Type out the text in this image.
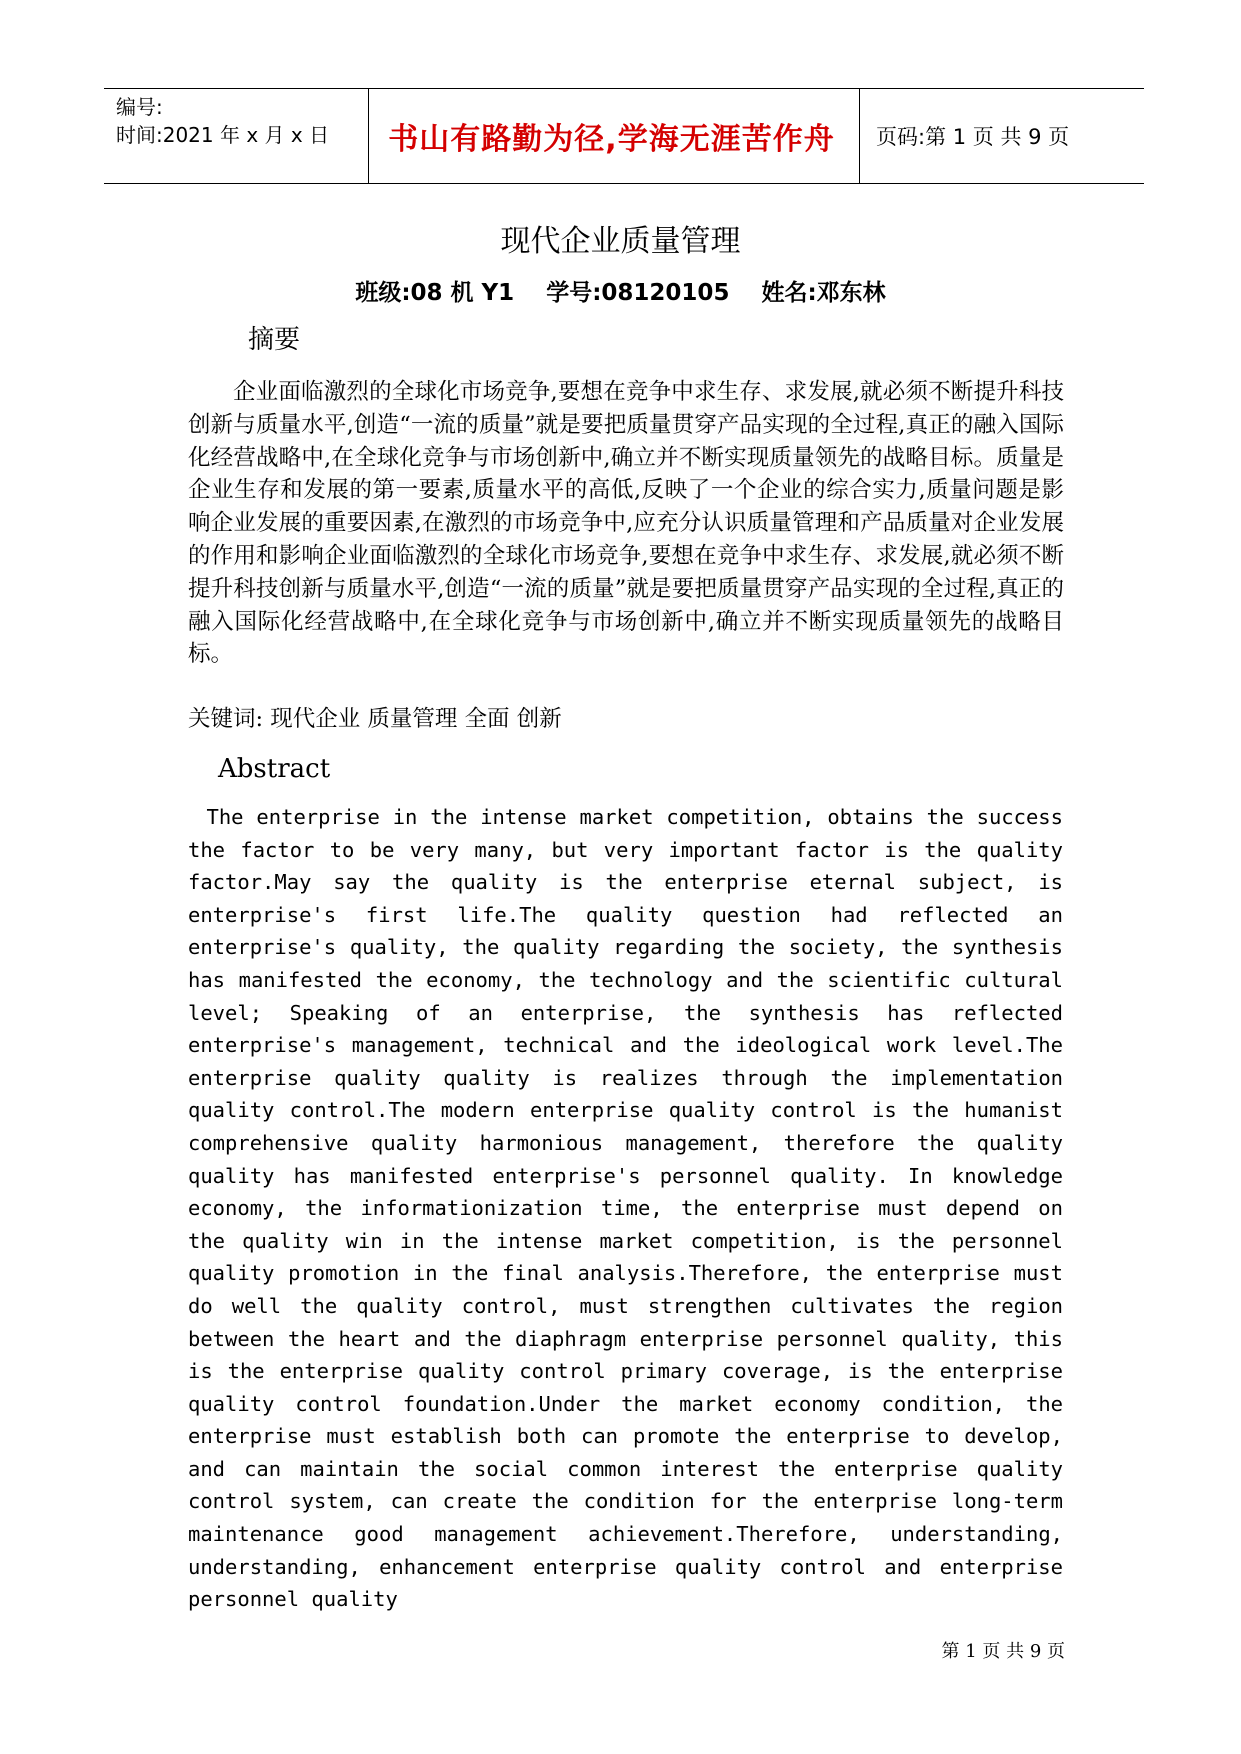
编号:
时间:2021 年 x 月 x 日	书山有路勤为径,学海无涯苦作舟	页码:第 1 页 共 9 页
现代企业质量管理
班级:08 机 Y1 学号:08120105 姓名:邓东林
摘要

企业面临激烈的全球化市场竞争,要想在竞争中求生存、求发展,就必须不断提升科技创新与质量水平,创造“一流的质量”就是要把质量贯穿产品实现的全过程,真正的融入国际化经营战略中,在全球化竞争与市场创新中,确立并不断实现质量领先的战略目标。质量是企业生存和发展的第一要素,质量水平的高低,反映了一个企业的综合实力,质量问题是影响企业发展的重要因素,在激烈的市场竞争中,应充分认识质量管理和产品质量对企业发展的作用和影响企业面临激烈的全球化市场竞争,要想在竞争中求生存、求发展,就必须不断提升科技创新与质量水平,创造“一流的质量”就是要把质量贯穿产品实现的全过程,真正的融入国际化经营战略中,在全球化竞争与市场创新中,确立并不断实现质量领先的战略目标。

关键词: 现代企业 质量管理 全面 创新
Abstract

The enterprise in the intense market competition, obtains the success the factor to be very many, but very important factor is the quality factor.May say the quality is the enterprise eternal subject, is enterprise's first life.The quality question had reflected an enterprise's quality, the quality regarding the society, the synthesis has manifested the economy, the technology and the scientific cultural level; Speaking of an enterprise, the synthesis has reflected enterprise's management, technical and the ideological work level.The enterprise quality quality is realizes through the implementation quality control.The modern enterprise quality control is the humanist comprehensive quality harmonious management, therefore the quality quality has manifested enterprise's personnel quality. In knowledge economy, the informationization time, the enterprise must depend on the quality win in the intense market competition, is the personnel quality promotion in the final analysis.Therefore, the enterprise must do well the quality control, must strengthen cultivates the region between the heart and the diaphragm enterprise personnel quality, this is the enterprise quality control primary coverage, is the enterprise quality control foundation.Under the market economy condition, the enterprise must establish both can promote the enterprise to develop, and can maintain the social common interest the enterprise quality control system, can create the condition for the enterprise long-term maintenance good management achievement.Therefore, understanding, understanding, enhancement enterprise quality control and enterprise personnel quality

第 1 页 共 9 页
